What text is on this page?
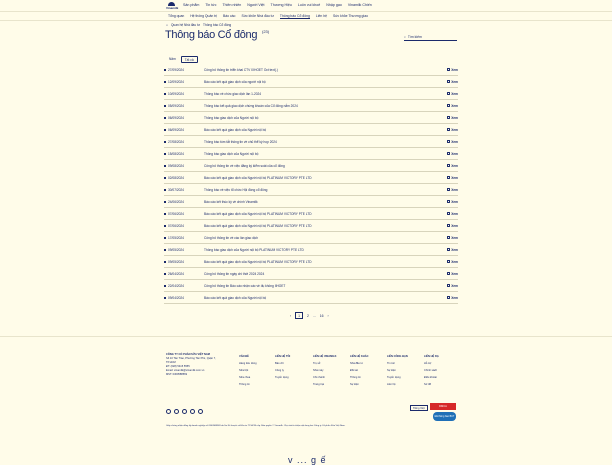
Vinamilk
Sản phẩm Tin tức Thiên nhiên Người Việt Thương Hiệu Luôn vui khoẻ Nhập gạo Vinamilk Chiến
Tổng quan Hệ thống Quản trị Báo cáo Sức khỏe Nhà đầu tư Thông báo Cổ đông Liên hệ Sức khỏe Thương giao
⌂ Quan hệ Nhà đầu tư Thông báo Cổ đông
Thông báo Cổ đông (23)
⌕
Tìm kiếm
Năm	Tất cả
27/09/2024	Công bố thông tin triển khai CTV IXHOET Oct text(.)	Xem
12/09/2024	Báo cáo kết quả giao dịch của người nội bộ	Xem
10/09/2024	Thông báo về chức giao dịch lần 1-2024	Xem
05/09/2024	Thông báo kết quả giao dịch chứng khoán của Cổ đông nắm 2024	Xem
06/09/2024	Thông báo giao dịch của Người nội bộ	Xem
06/09/2024	Báo cáo kết quả giao dịch của Người nội bộ	Xem
27/08/2024	Thông báo tóm tắt thông tin về chủ thể kỳ họp 2024	Xem
15/08/2024	Thông báo giao dịch của Người nội bộ	Xem
09/08/2024	Công bố thông tin về việc đăng ký kiểm soát của cổ đông	Xem
02/08/2024	Báo cáo kết quả giao dịch của Người nội bộ PLATINUM VICTORY PTE LTD	Xem
30/07/2024	Thông báo về việc tổ chức Hội đồng cổ đông	Xem
24/06/2024	Báo cáo kết thúc kỳ về chính Vinamilk	Xem
07/06/2024	Báo cáo kết quả giao dịch của Người nội bộ PLATINUM VICTORY PTE LTD	Xem
07/06/2024	Báo cáo kết quả giao dịch của Người nội bộ PLATINUM VICTORY PTE LTD	Xem
17/05/2024	Công bố thông tin về các lần giao dịch	Xem
09/05/2024	Thông báo giao dịch của Người nội bộ PLATINUM VICTORY PTE LTD	Xem
09/05/2024	Báo cáo kết quả giao dịch của Người nội bộ PLATINUM VICTORY PTE LTD	Xem
26/04/2024	Công bố thông tin ngày chi thời 2024 2024	Xem
22/04/2024	Công bố thông tin Báo cáo nhận các về đụ không IIHOET	Xem
09/04/2024	Báo cáo kết quả giao dịch của Người nội bộ	Xem
‹	1	2 ... 16 ›
CÔNG TY CỔ PHẦN SỮA VIỆT NAM
Số 10 Tân Trào, Phường Tân Phú, Quận 7, TP.HCM
ĐT: (028) 5415 5555
Email: vinamilk@vinamilk.com.vn
MST: 0300588569
VẤN ĐỀ
Hàng tiêu dùng
Sữa bột
Sữa chua
Thông tin
LIÊN HỆ TÔI
Báo chí
Công ty
Tuyển dụng
LIÊN HỆ VINAMILK
Trụ sở
Nhà máy
Chi nhánh
Trang trại
LIÊN HỆ KHÁC
Nhà đầu tư
Đối tác
Thông tin
Sự kiện
LIÊN CÔNG BẠN
Tin tức
Sự kiện
Tuyển dụng
Liên hệ
LIÊN HỆ DẠ
Hỗ trợ
Chính sách
Điều khoản
Sơ đồ
Tiếng Việt	DMCA
Đã thông báo BCT
Giấy chứng nhận đăng ký doanh nghiệp số 0300588569 do Sở Kế hoạch và Đầu tư TP.HCM cấp. Bản quyền © Vinamilk. Chịu trách nhiệm nội dung bởi Công ty Cổ phần Sữa Việt Nam.
v ... g ế
